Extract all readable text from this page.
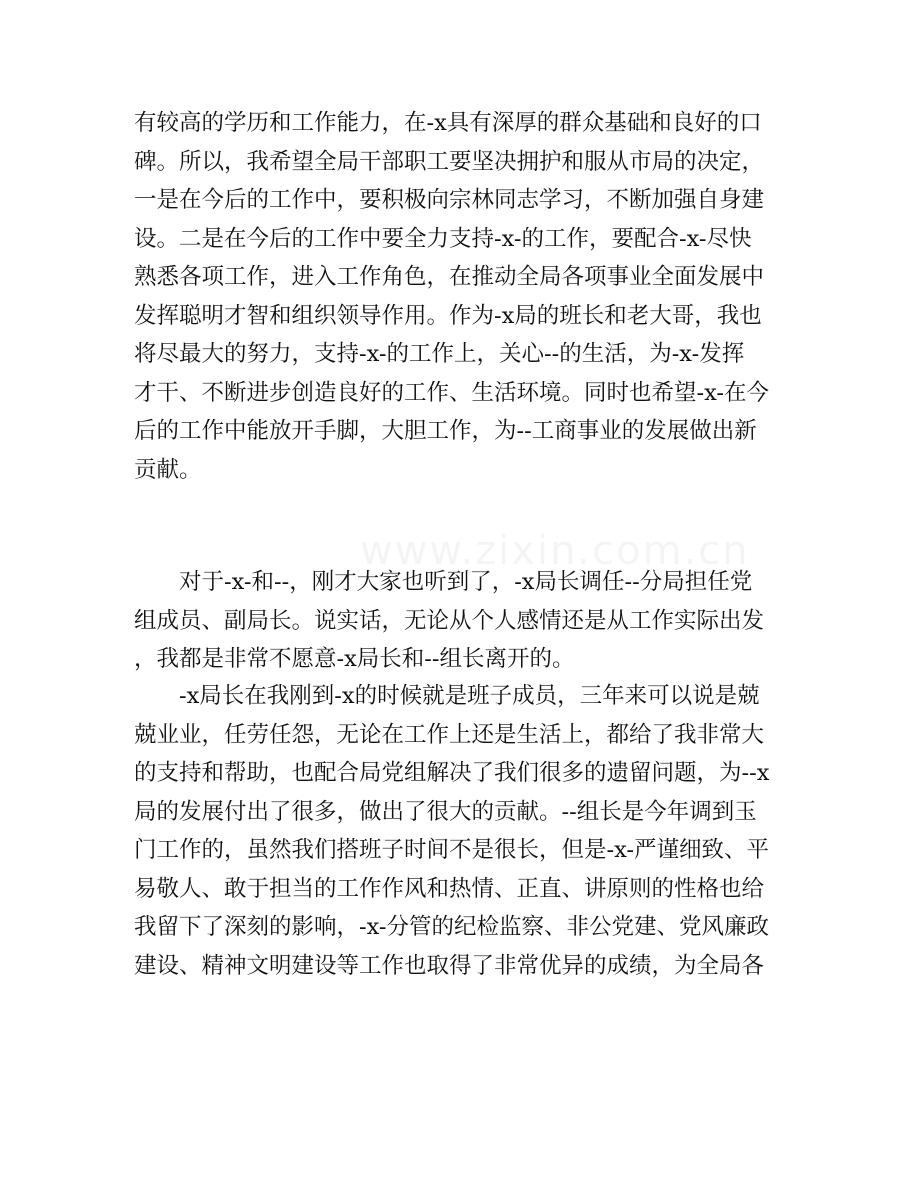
有较高的学历和工作能力，在-x具有深厚的群众基础和良好的口
碑。所以，我希望全局干部职工要坚决拥护和服从市局的决定，
一是在今后的工作中，要积极向宗林同志学习，不断加强自身建
设。二是在今后的工作中要全力支持-x-的工作，要配合-x-尽快
熟悉各项工作，进入工作角色，在推动全局各项事业全面发展中
发挥聪明才智和组织领导作用。作为-x局的班长和老大哥，我也
将尽最大的努力，支持-x-的工作上，关心--的生活，为-x-发挥
才干、不断进步创造良好的工作、生活环境。同时也希望-x-在今
后的工作中能放开手脚，大胆工作，为--工商事业的发展做出新
贡献。
对于-x-和--，刚才大家也听到了，-x局长调任--分局担任党
组成员、副局长。说实话，无论从个人感情还是从工作实际出发
，我都是非常不愿意-x局长和--组长离开的。
-x局长在我刚到-x的时候就是班子成员，三年来可以说是兢
兢业业，任劳任怨，无论在工作上还是生活上，都给了我非常大
的支持和帮助，也配合局党组解决了我们很多的遗留问题，为--x
局的发展付出了很多，做出了很大的贡献。--组长是今年调到玉
门工作的，虽然我们搭班子时间不是很长，但是-x-严谨细致、平
易敬人、敢于担当的工作作风和热情、正直、讲原则的性格也给
我留下了深刻的影响，-x-分管的纪检监察、非公党建、党风廉政
建设、精神文明建设等工作也取得了非常优异的成绩，为全局各
